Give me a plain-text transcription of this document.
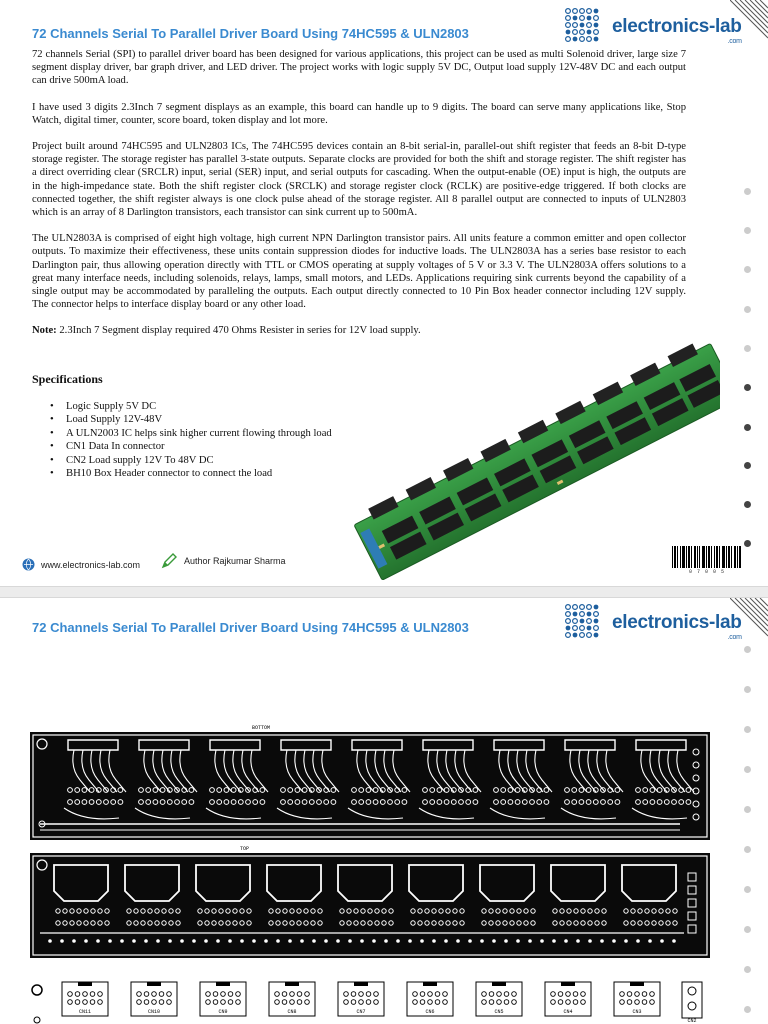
72 Channels Serial To Parallel Driver Board Using 74HC595 & ULN2803	electronics-lab
.com

72 channels Serial (SPI) to parallel driver board has been designed for various applications, this project can be used as multi Solenoid driver, large size 7 segment display driver, bar graph driver, and LED driver. The project works with logic supply 5V DC, Output load supply 12V-48V DC and each output can drive 500mA load.

I have used 3 digits 2.3Inch 7 segment displays as an example, this board can handle up to 9 digits. The board can serve many applications like, Stop Watch, digital timer, counter, score board, token display and lot more.

Project built around 74HC595 and ULN2803 ICs, The 74HC595 devices contain an 8-bit serial-in, parallel-out shift register that feeds an 8-bit D-type storage register. The storage register has parallel 3-state outputs. Separate clocks are provided for both the shift and storage register. The shift register has a direct overriding clear (SRCLR) input, serial (SER) input, and serial outputs for cascading. When the output-enable (OE) input is high, the outputs are in the high-impedance state. Both the shift register clock (SRCLK) and storage register clock (RCLK) are positive-edge triggered. If both clocks are connected together, the shift register always is one clock pulse ahead of the storage register. All 8 parallel output are connected to inputs of ULN2803 which is an array of 8 Darlington transistors, each transistor can sink current up to 500mA.

The ULN2803A is comprised of eight high voltage, high current NPN Darlington transistor pairs. All units feature a common emitter and open collector outputs. To maximize their effectiveness, these units contain suppression diodes for inductive loads. The ULN2803A has a series base resistor to each Darlington pair, thus allowing operation directly with TTL or CMOS operating at supply voltages of 5 V or 3.3 V. The ULN2803A offers solutions to a great many interface needs, including solenoids, relays, lamps, small motors, and LEDs. Applications requiring sink currents beyond the capability of a single output may be accommodated by paralleling the outputs. Each output directly connected to 10 Pin Box header connector including 12V supply. The connector helps to interface display board or any other load.

Note: 2.3Inch 7 Segment display required 470 Ohms Resister in series for 12V load supply.

Specifications
• Logic Supply 5V DC
• Load Supply 12V-48V
• A ULN2003 IC helps sink higher current flowing through load
• CN1 Data In connector
• CN2 Load supply 12V To 48V DC
• BH10 Box Header connector to connect the load
www.electronics-lab.com	Author Rajkumar Sharma
0 7 0 0 5
72 Channels Serial To Parallel Driver Board Using 74HC595 & ULN2803	electronics-lab
.com
BOTTOM
TOP
CN11	CN10	CN9	CN8	CN7	CN6	CN5	CN4	CN3
CN2
